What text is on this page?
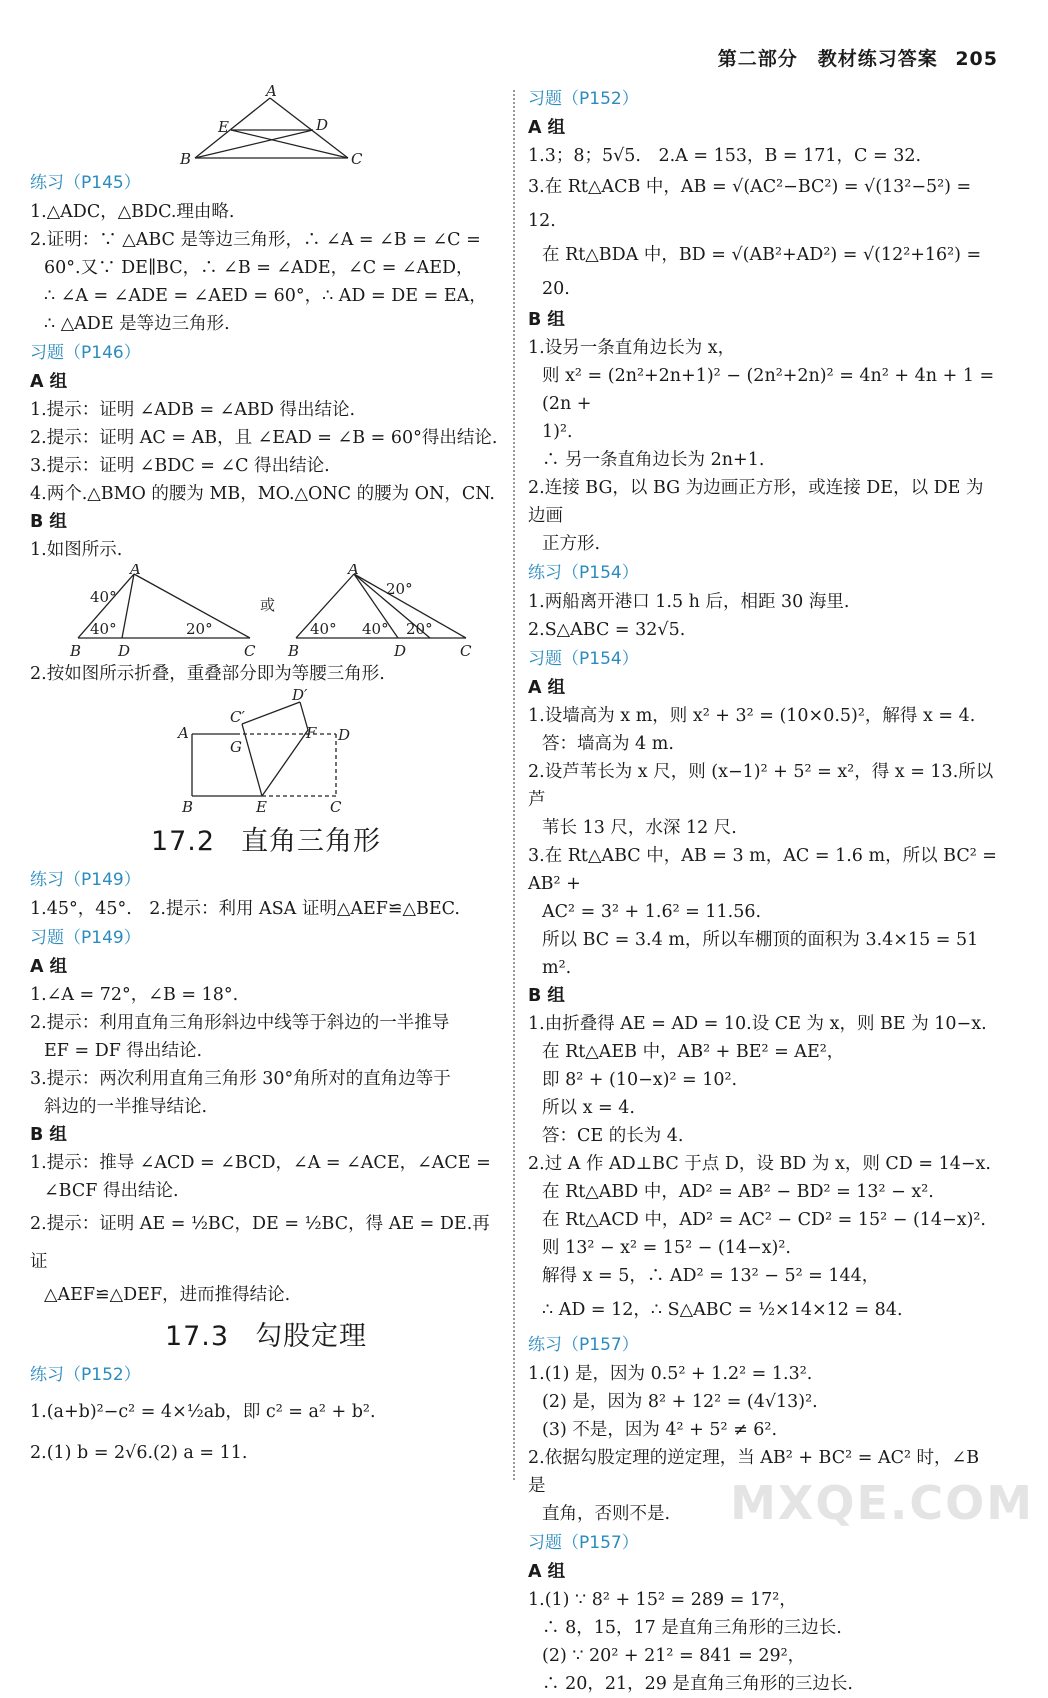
第二部分　教材练习答案 205
A
E	D
B	C
练习（P145）
1.△ADC，△BDC.理由略.
2.证明：∵ △ABC 是等边三角形，∴ ∠A = ∠B = ∠C =
60°.又∵ DE∥BC，∴ ∠B = ∠ADE，∠C = ∠AED，
∴ ∠A = ∠ADE = ∠AED = 60°，∴ AD = DE = EA，
∴ △ADE 是等边三角形.
习题（P146）
A 组
1.提示：证明 ∠ADB = ∠ABD 得出结论.
2.提示：证明 AC = AB，且 ∠EAD = ∠B = 60°得出结论.
3.提示：证明 ∠BDC = ∠C 得出结论.
4.两个.△BMO 的腰为 MB，MO.△ONC 的腰为 ON，CN.
B 组
1.如图所示.
A
B D	C
40°
40°	20°
或
A
B	D	C
20°
40° 40° 20°
2.按如图所示折叠，重叠部分即为等腰三角形.
A
C′
D′
F D
G
B	E	C
17.2 直角三角形
练习（P149）
1.45°，45°.　2.提示：利用 ASA 证明△AEF≌△BEC.
习题（P149）
A 组
1.∠A = 72°，∠B = 18°.
2.提示：利用直角三角形斜边中线等于斜边的一半推导
EF = DF 得出结论.
3.提示：两次利用直角三角形 30°角所对的直角边等于
斜边的一半推导结论.
B 组
1.提示：推导 ∠ACD = ∠BCD，∠A = ∠ACE，∠ACE =
∠BCF 得出结论.
2.提示：证明 AE = ½BC，DE = ½BC，得 AE = DE.再证
△AEF≌△DEF，进而推得结论.
17.3 勾股定理
练习（P152）
1.(a+b)²−c² = 4×½ab，即 c² = a² + b².
2.(1) b = 2√6.(2) a = 11.
习题（P152）
A 组
1.3；8；5√5.　2.A = 153，B = 171，C = 32.
3.在 Rt△ACB 中，AB = √(AC²−BC²) = √(13²−5²) = 12.
在 Rt△BDA 中，BD = √(AB²+AD²) = √(12²+16²) = 20.
B 组
1.设另一条直角边长为 x，
则 x² = (2n²+2n+1)² − (2n²+2n)² = 4n² + 4n + 1 = (2n +
1)².
∴ 另一条直角边长为 2n+1.
2.连接 BG，以 BG 为边画正方形，或连接 DE，以 DE 为边画
正方形.
练习（P154）
1.两船离开港口 1.5 h 后，相距 30 海里.
2.S△ABC = 32√5.
习题（P154）
A 组
1.设墙高为 x m，则 x² + 3² = (10×0.5)²，解得 x = 4.
答：墙高为 4 m.
2.设芦苇长为 x 尺，则 (x−1)² + 5² = x²，得 x = 13.所以芦
苇长 13 尺，水深 12 尺.
3.在 Rt△ABC 中，AB = 3 m，AC = 1.6 m，所以 BC² = AB² +
AC² = 3² + 1.6² = 11.56.
所以 BC = 3.4 m，所以车棚顶的面积为 3.4×15 = 51 m².
B 组
1.由折叠得 AE = AD = 10.设 CE 为 x，则 BE 为 10−x.
在 Rt△AEB 中，AB² + BE² = AE²，
即 8² + (10−x)² = 10².
所以 x = 4.
答：CE 的长为 4.
2.过 A 作 AD⊥BC 于点 D，设 BD 为 x，则 CD = 14−x.
在 Rt△ABD 中，AD² = AB² − BD² = 13² − x².
在 Rt△ACD 中，AD² = AC² − CD² = 15² − (14−x)².
则 13² − x² = 15² − (14−x)².
解得 x = 5，∴ AD² = 13² − 5² = 144，
∴ AD = 12，∴ S△ABC = ½×14×12 = 84.
练习（P157）
1.(1) 是，因为 0.5² + 1.2² = 1.3².
(2) 是，因为 8² + 12² = (4√13)².
(3) 不是，因为 4² + 5² ≠ 6².
2.依据勾股定理的逆定理，当 AB² + BC² = AC² 时，∠B 是
直角，否则不是.
习题（P157）
A 组
1.(1) ∵ 8² + 15² = 289 = 17²，
∴ 8，15，17 是直角三角形的三边长.
(2) ∵ 20² + 21² = 841 = 29²，
∴ 20，21，29 是直角三角形的三边长.
MXQE.COM
